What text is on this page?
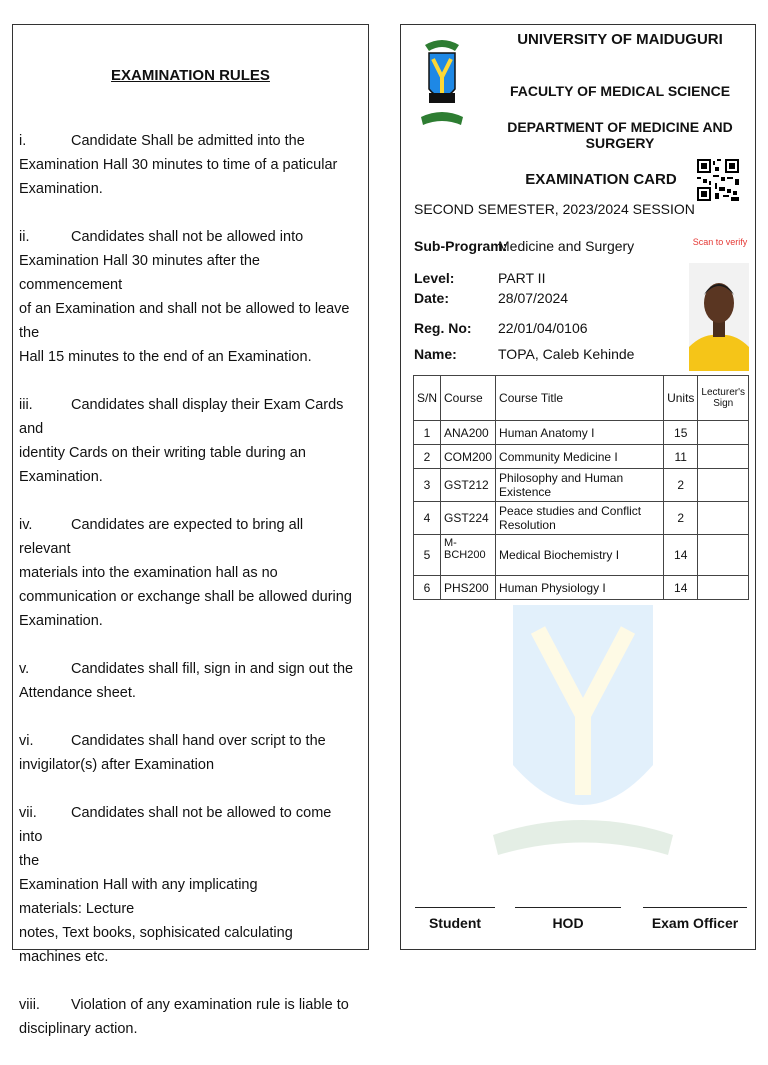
EXAMINATION RULES
i.	Candidate Shall be admitted into the
Examination Hall 30 minutes to time of a paticular
Examination.
ii.	Candidates shall not be allowed into
Examination Hall 30 minutes after the commencement
of an Examination and shall not be allowed to leave the
Hall 15 minutes to the end of an Examination.
iii.	Candidates shall display their Exam Cards and
identity Cards on their writing table during an
Examination.
iv.	Candidates are expected to bring all relevant
materials into the examination hall as no
communication or exchange shall be allowed during
Examination.
v.	Candidates shall fill, sign in and sign out the
Attendance sheet.
vi.	Candidates shall hand over script to the
invigilator(s) after Examination
vii. Candidates shall not be allowed to come into
the
Examination Hall with any implicating
materials: Lecture
notes, Text books, sophisicated calculating
machines etc.
viii. Violation of any examination rule is liable to
disciplinary action.
UNIVERSITY OF MAIDUGURI
FACULTY OF MEDICAL SCIENCE
DEPARTMENT OF MEDICINE AND SURGERY
EXAMINATION CARD
Scan to verify
SECOND SEMESTER, 2023/2024 SESSION
Sub-Program:
Medicine and Surgery
Level:	PART II
Date:	28/07/2024
Reg. No: 22/01/04/0106
Name:	TOPA, Caleb Kehinde
S/N	Course	Course Title	Units	Lecturer's Sign
1	ANA200	Human Anatomy I	15	
2	COM200	Community Medicine I	11	
3	GST212	Philosophy and Human Existence	2	
4	GST224	Peace studies and Conflict Resolution	2	
5	M-BCH200	Medical Biochemistry I	14	
6	PHS200	Human Physiology I	14	
Student	HOD	Exam Officer
